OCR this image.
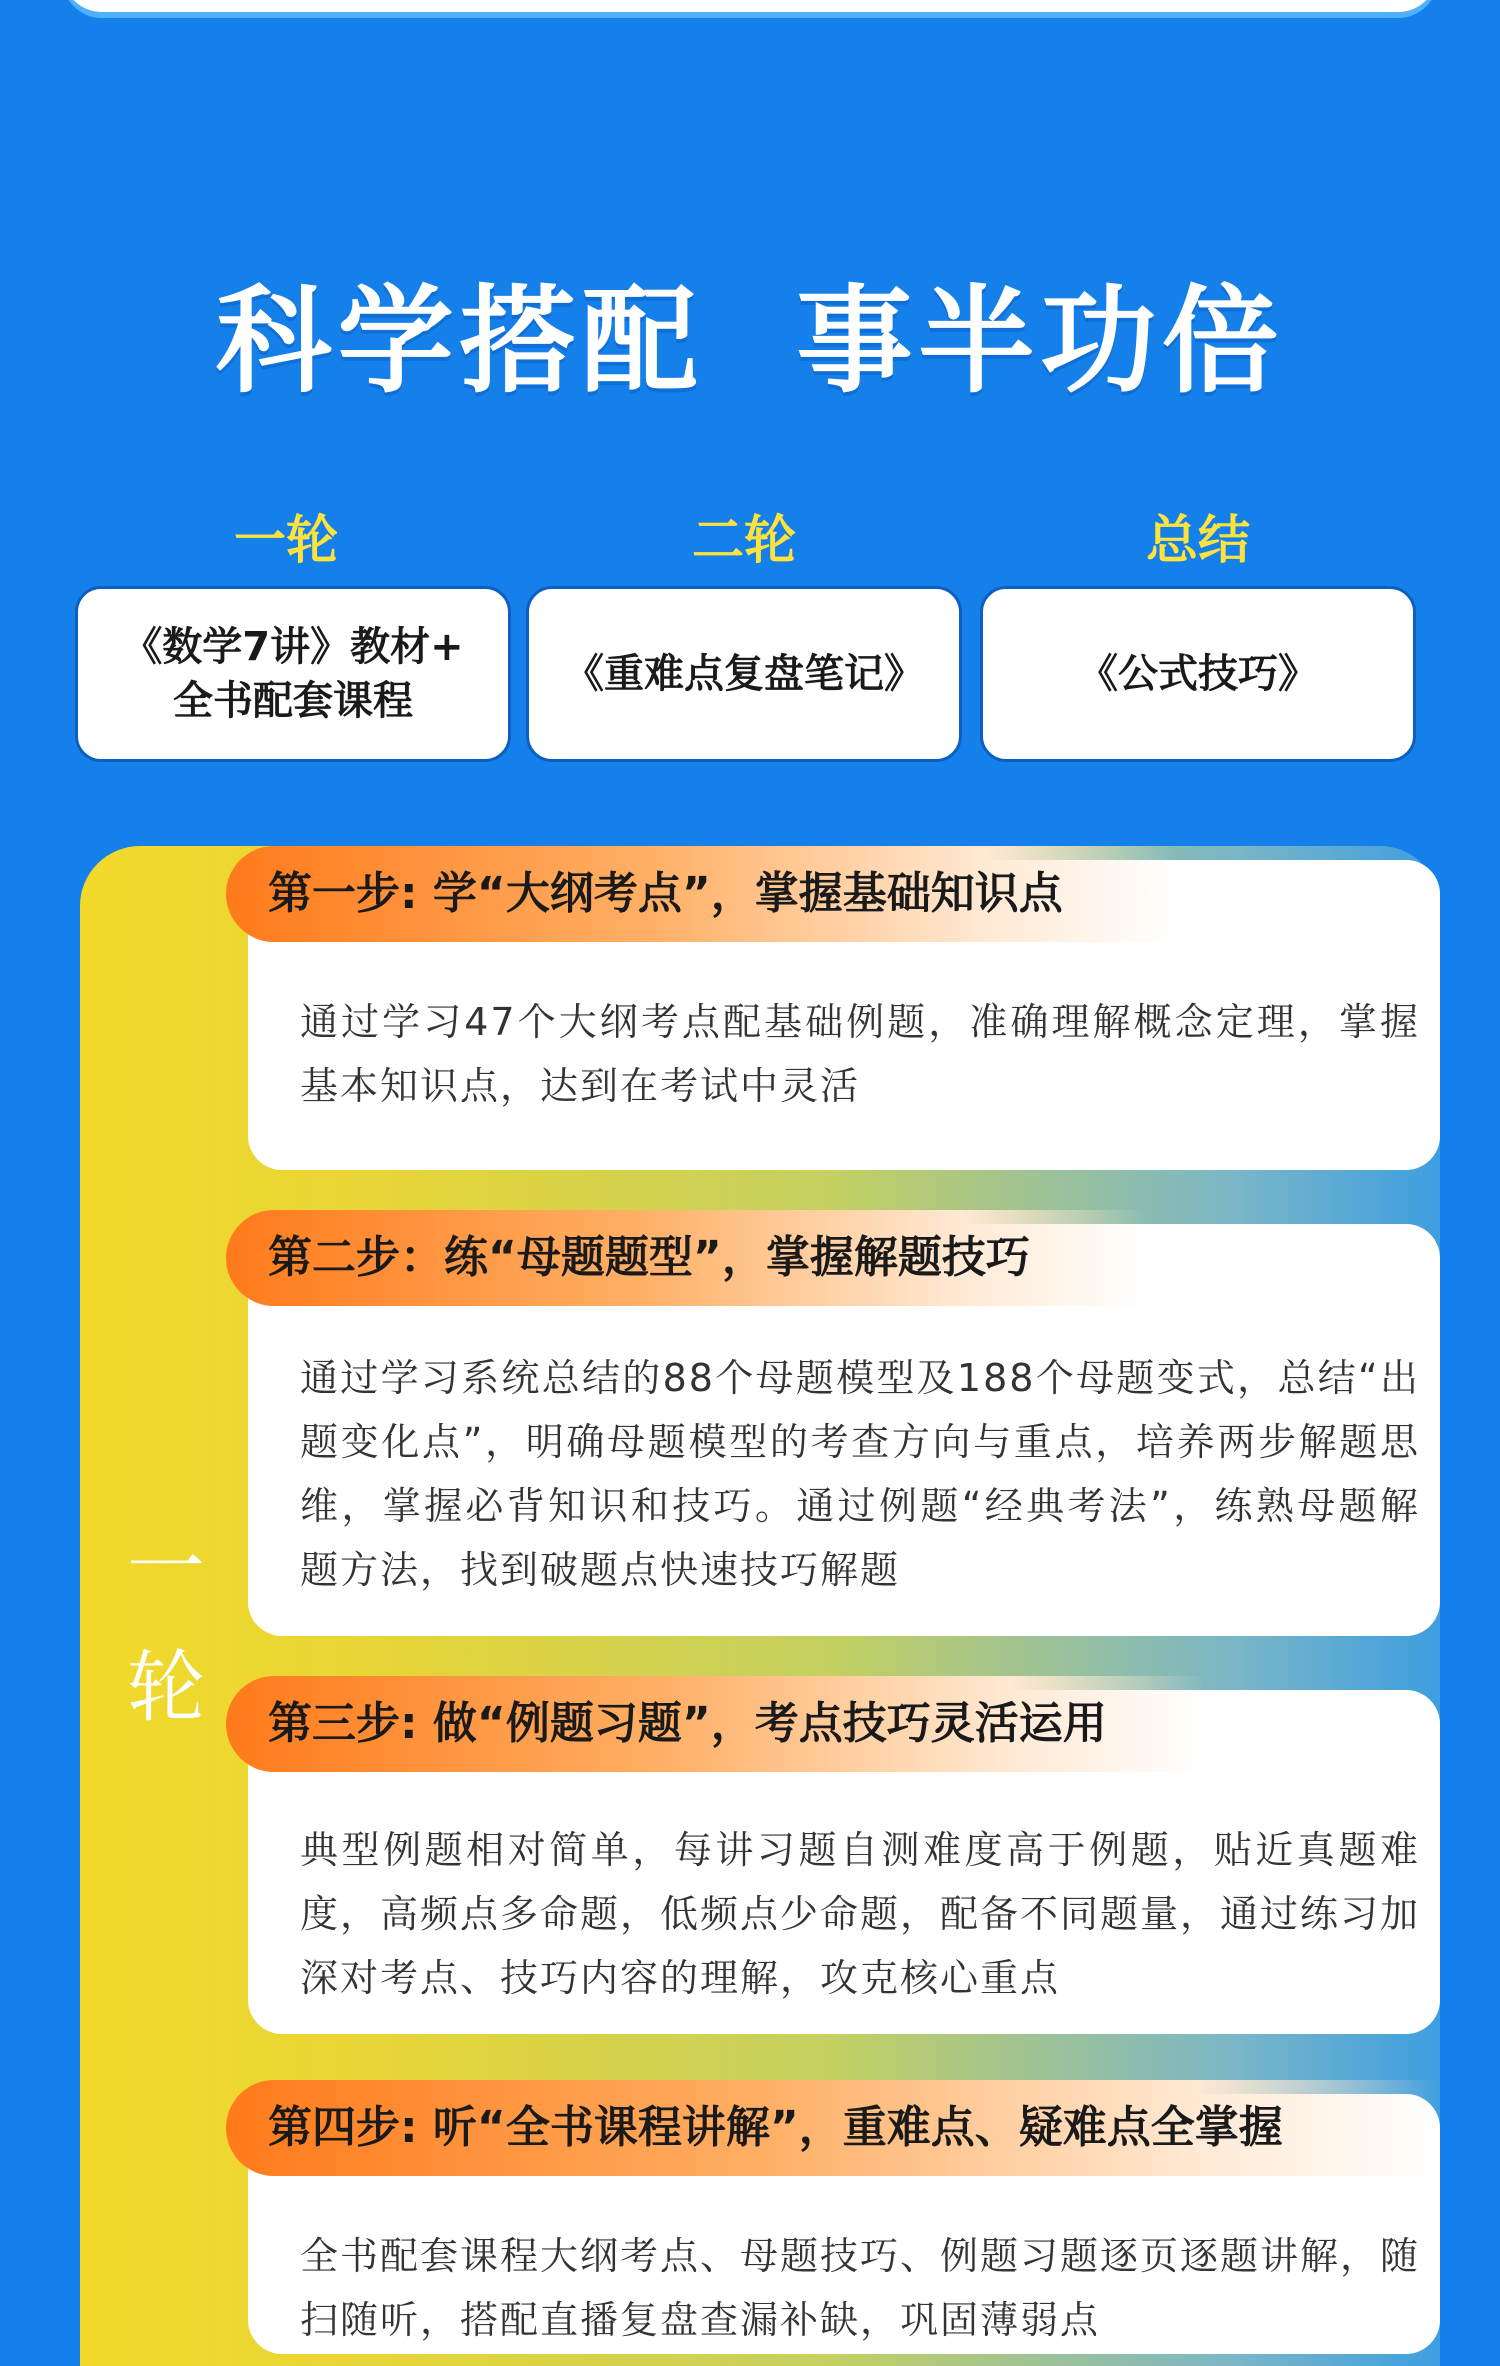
科学搭配  事半功倍
一轮	二轮	总结
《数学7讲》教材+
全书配套课程
《重难点复盘笔记》	《公式技巧》
一
轮
第一步: 学“大纲考点”，掌握基础知识点
通过学习47个大纲考点配基础例题，准确理解概念定理，掌握基本知识点，达到在考试中灵活
第二步：练“母题题型”，掌握解题技巧
通过学习系统总结的88个母题模型及188个母题变式，总结“出题变化点”，明确母题模型的考查方向与重点，培养两步解题思维，掌握必背知识和技巧。通过例题“经典考法”，练熟母题解题方法，找到破题点快速技巧解题
第三步: 做“例题习题”，考点技巧灵活运用
典型例题相对简单，每讲习题自测难度高于例题，贴近真题难度，高频点多命题，低频点少命题，配备不同题量，通过练习加深对考点、技巧内容的理解，攻克核心重点
第四步: 听“全书课程讲解”，重难点、疑难点全掌握
全书配套课程大纲考点、母题技巧、例题习题逐页逐题讲解，随扫随听，搭配直播复盘查漏补缺，巩固薄弱点
